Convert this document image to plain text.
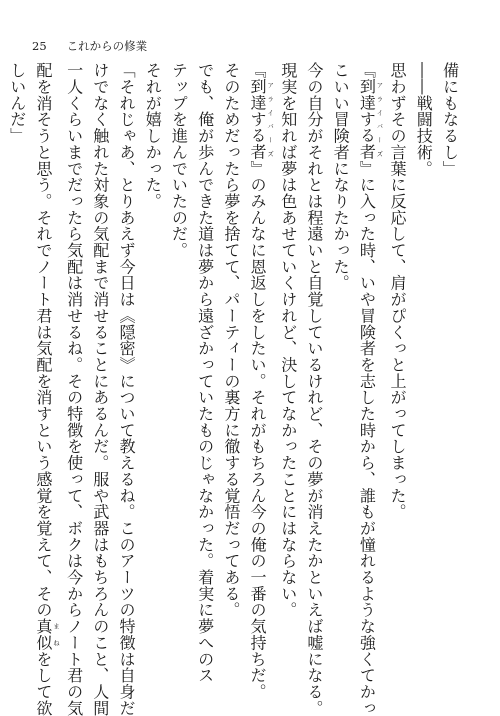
25 これからの修業
備にもなるし」
――戦闘技術。
思わずその言葉に反応して、肩がぴくっと上がってしまった。
『到達する者 アライバーズ』に入った時、いや冒険者を志した時から、誰もが憧れるような強くてかっ
こいい冒険者になりたかった。
今の自分がそれとは程遠いと自覚しているけれど、その夢が消えたかといえば嘘になる。
現実を知れば夢は色あせていくけれど、決してなかったことにはならない。
『到達する者 アライバーズ』のみんなに恩返しをしたい。それがもちろん今の俺の一番の気持ちだ。
そのためだったら夢を捨てて、パーティーの裏方に徹する覚悟だってある。
でも、俺が歩んできた道は夢から遠ざかっていたものじゃなかった。着実に夢へのス
テップを進んでいたのだ。
それが嬉しかった。
「それじゃあ、とりあえず今日は《隠密》について教えるね。このアーツの特徴は自身だ
けでなく触れた対象の気配まで消せることにあるんだ。服や武器はもちろんのこと、人間
一人くらいまでだったら気配は消せるね。その特徴を使って、ボクは今からノート君の気
配を消そうと思う。それでノート君は気配を消すという感覚を覚えて、その真似 まねをして欲
しいんだ」
